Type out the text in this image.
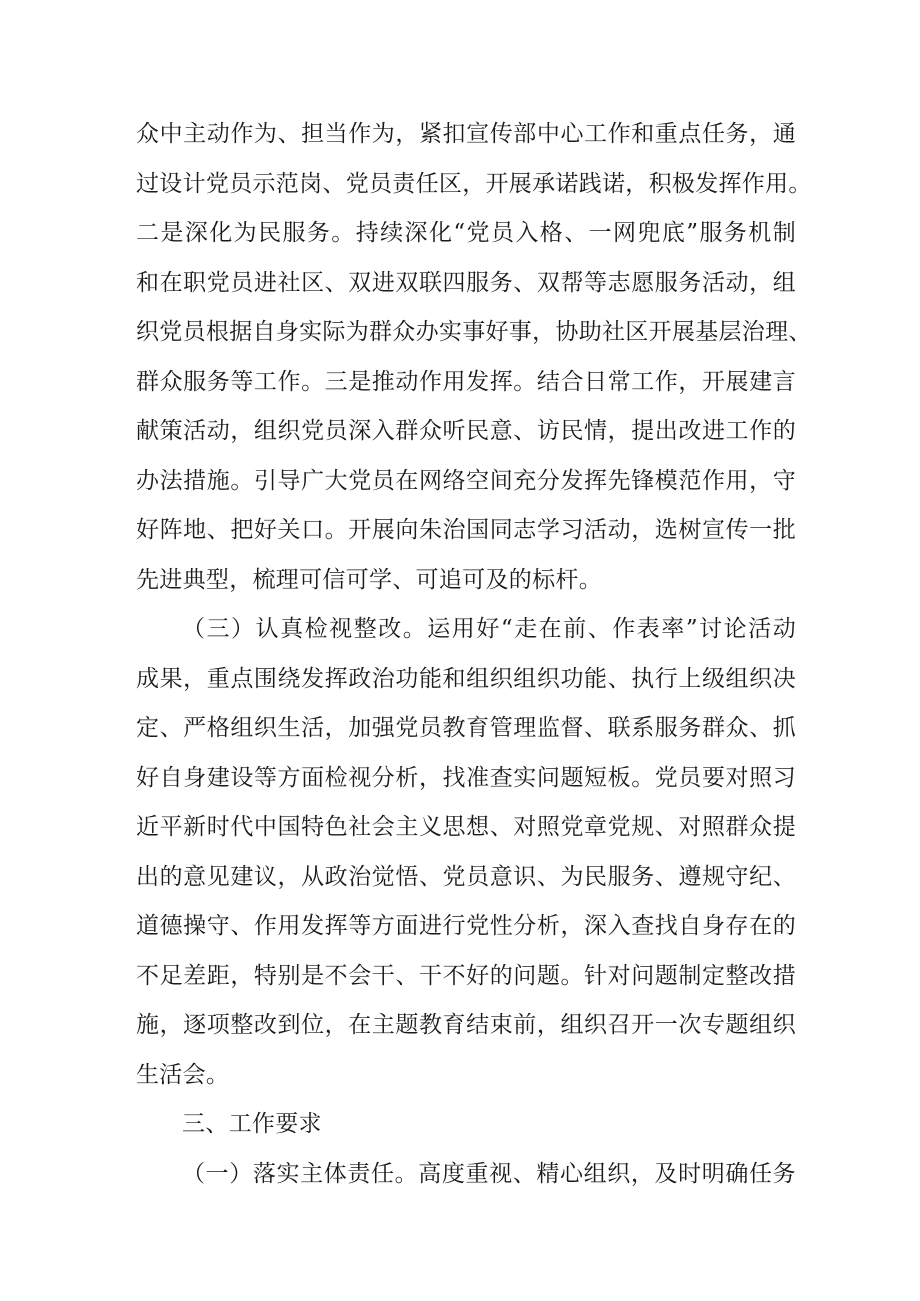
众中主动作为、担当作为，紧扣宣传部中心工作和重点任务，通
过设计党员示范岗、党员责任区，开展承诺践诺，积极发挥作用。
二是深化为民服务。持续深化“党员入格、一网兜底”服务机制
和在职党员进社区、双进双联四服务、双帮等志愿服务活动，组
织党员根据自身实际为群众办实事好事，协助社区开展基层治理、
群众服务等工作。三是推动作用发挥。结合日常工作，开展建言
献策活动，组织党员深入群众听民意、访民情，提出改进工作的
办法措施。引导广大党员在网络空间充分发挥先锋模范作用，守
好阵地、把好关口。开展向朱治国同志学习活动，选树宣传一批
先进典型，梳理可信可学、可追可及的标杆。
（三）认真检视整改。运用好“走在前、作表率”讨论活动
成果，重点围绕发挥政治功能和组织组织功能、执行上级组织决
定、严格组织生活，加强党员教育管理监督、联系服务群众、抓
好自身建设等方面检视分析，找准查实问题短板。党员要对照习
近平新时代中国特色社会主义思想、对照党章党规、对照群众提
出的意见建议，从政治觉悟、党员意识、为民服务、遵规守纪、
道德操守、作用发挥等方面进行党性分析，深入查找自身存在的
不足差距，特别是不会干、干不好的问题。针对问题制定整改措
施，逐项整改到位，在主题教育结束前，组织召开一次专题组织
生活会。
三、工作要求
（一）落实主体责任。高度重视、精心组织，及时明确任务
